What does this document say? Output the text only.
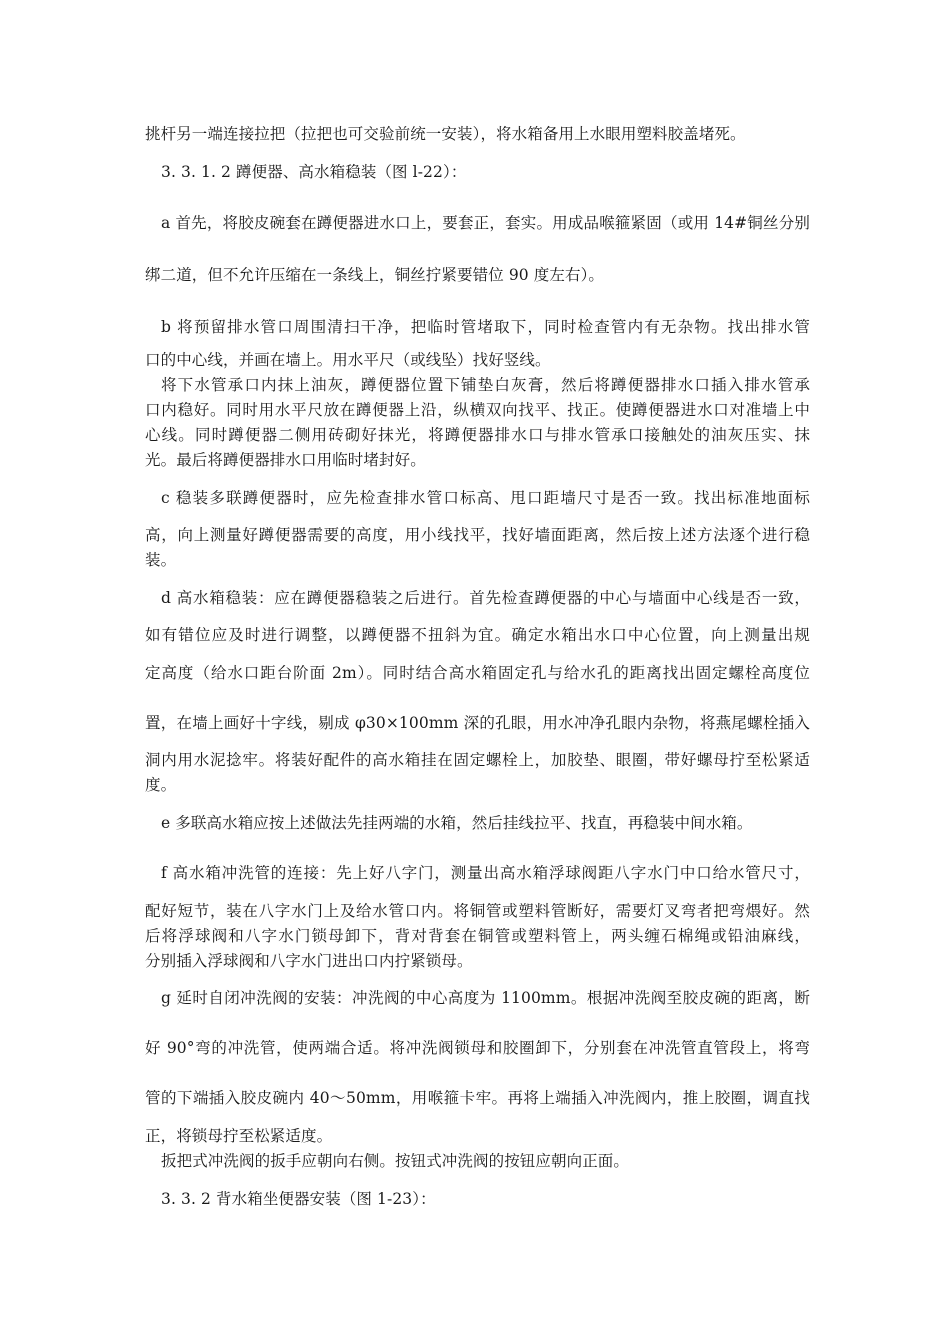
挑杆另一端连接拉把（拉把也可交验前统一安装），将水箱备用上水眼用塑料胶盖堵死。
3. 3. 1. 2 蹲便器、高水箱稳装（图 l-22）：
a 首先，将胶皮碗套在蹲便器进水口上，要套正，套实。用成品喉箍紧固（或用 14#铜丝分别
绑二道，但不允许压缩在一条线上，铜丝拧紧要错位 90 度左右）。
b 将预留排水管口周围清扫干净，把临时管堵取下，同时检查管内有无杂物。找出排水管
口的中心线，并画在墙上。用水平尺（或线坠）找好竖线。
将下水管承口内抹上油灰，蹲便器位置下铺垫白灰膏，然后将蹲便器排水口插入排水管承
口内稳好。同时用水平尺放在蹲便器上沿，纵横双向找平、找正。使蹲便器进水口对准墙上中
心线。同时蹲便器二侧用砖砌好抹光，将蹲便器排水口与排水管承口接触处的油灰压实、抹
光。最后将蹲便器排水口用临时堵封好。
c 稳装多联蹲便器时，应先检查排水管口标高、甩口距墙尺寸是否一致。找出标准地面标
高，向上测量好蹲便器需要的高度，用小线找平，找好墙面距离，然后按上述方法逐个进行稳
装。
d 高水箱稳装：应在蹲便器稳装之后进行。首先检查蹲便器的中心与墙面中心线是否一致，
如有错位应及时进行调整，以蹲便器不扭斜为宜。确定水箱出水口中心位置，向上测量出规
定高度（给水口距台阶面 2m）。同时结合高水箱固定孔与给水孔的距离找出固定螺栓高度位
置，在墙上画好十字线，剔成 φ30×100mm 深的孔眼，用水冲净孔眼内杂物，将燕尾螺栓插入
洞内用水泥捻牢。将装好配件的高水箱挂在固定螺栓上，加胶垫、眼圈，带好螺母拧至松紧适
度。
e 多联高水箱应按上述做法先挂两端的水箱，然后挂线拉平、找直，再稳装中间水箱。
f 高水箱冲洗管的连接：先上好八字门，测量出高水箱浮球阀距八字水门中口给水管尺寸，
配好短节，装在八字水门上及给水管口内。将铜管或塑料管断好，需要灯叉弯者把弯煨好。然
后将浮球阀和八字水门锁母卸下，背对背套在铜管或塑料管上，两头缠石棉绳或铅油麻线，
分别插入浮球阀和八字水门进出口内拧紧锁母。
g 延时自闭冲洗阀的安装：冲洗阀的中心高度为 1100mm。根据冲洗阀至胶皮碗的距离，断
好 90°弯的冲洗管，使两端合适。将冲洗阀锁母和胶圈卸下，分别套在冲洗管直管段上，将弯
管的下端插入胶皮碗内 40～50mm，用喉箍卡牢。再将上端插入冲洗阀内，推上胶圈，调直找
正，将锁母拧至松紧适度。
扳把式冲洗阀的扳手应朝向右侧。按钮式冲洗阀的按钮应朝向正面。
3. 3. 2 背水箱坐便器安装（图 1-23）：
